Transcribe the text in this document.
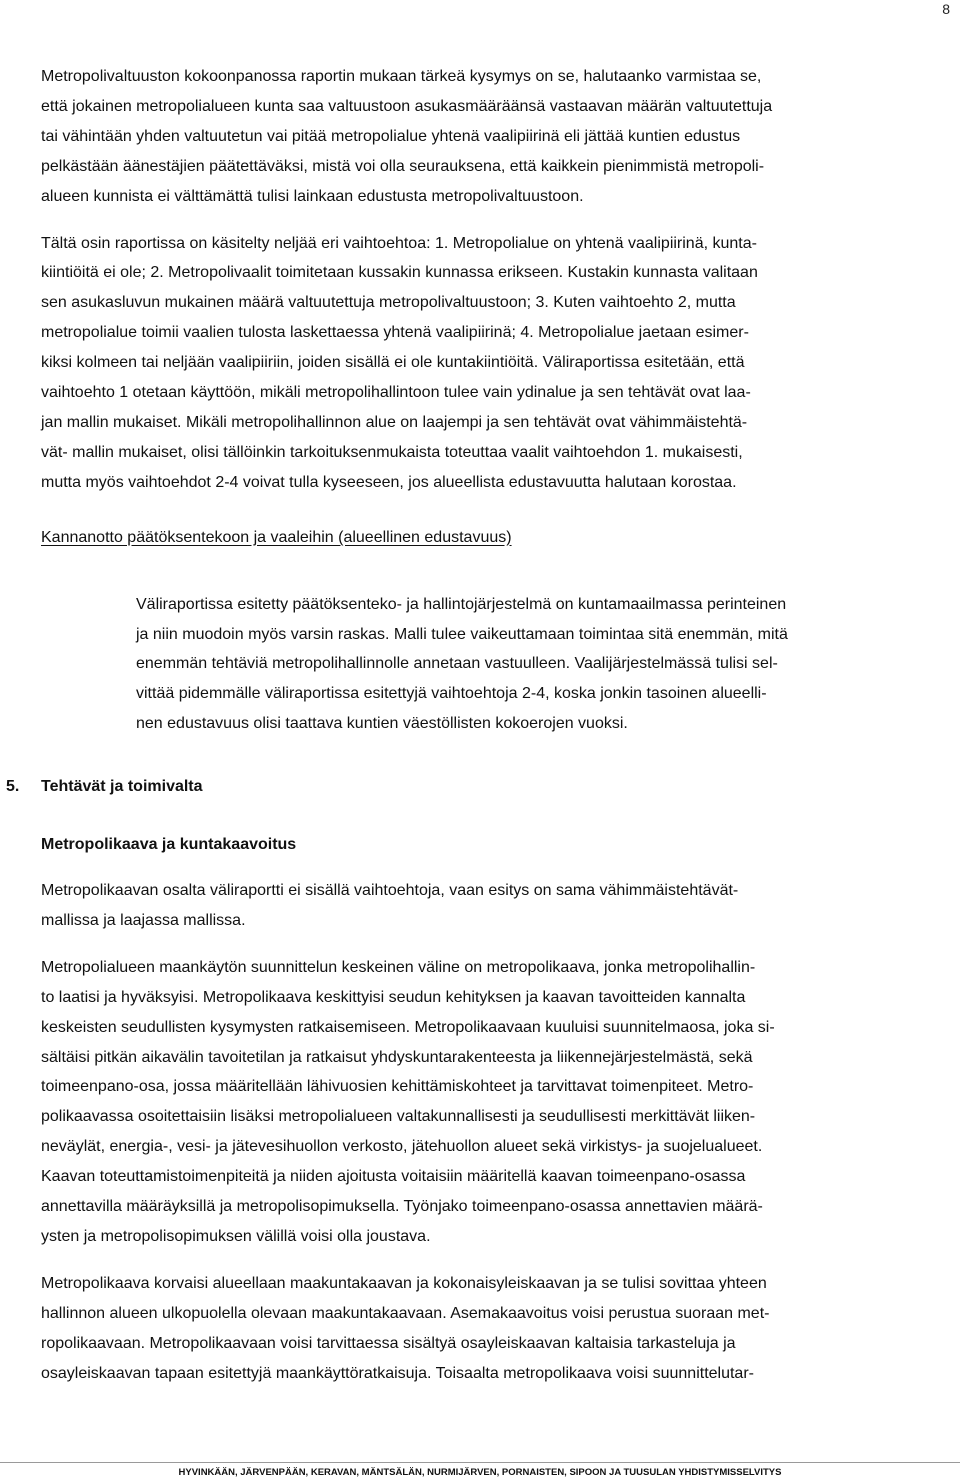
8
Metropolivaltuuston kokoonpanossa raportin mukaan tärkeä kysymys on se, halutaanko varmistaa se,
että jokainen metropolialueen kunta saa valtuustoon asukasmääräänsä vastaavan määrän valtuutettuja
tai vähintään yhden valtuutetun vai pitää metropolialue yhtenä vaalipiirinä eli jättää kuntien edustus
pelkästään äänestäjien päätettäväksi, mistä voi olla seurauksena, että kaikkein pienimmistä metropoli-
alueen kunnista ei välttämättä tulisi lainkaan edustusta metropolivaltuustoon.
Tältä osin raportissa on käsitelty neljää eri vaihtoehtoa: 1. Metropolialue on yhtenä vaalipiirinä, kunta-
kiintiöitä ei ole; 2. Metropolivaalit toimitetaan kussakin kunnassa erikseen. Kustakin kunnasta valitaan
sen asukasluvun mukainen määrä valtuutettuja metropolivaltuustoon; 3. Kuten vaihtoehto 2, mutta
metropolialue toimii vaalien tulosta laskettaessa yhtenä vaalipiirinä; 4. Metropolialue jaetaan esimer-
kiksi kolmeen tai neljään vaalipiiriin, joiden sisällä ei ole kuntakiintiöitä. Väliraportissa esitetään, että
vaihtoehto 1 otetaan käyttöön, mikäli metropolihallintoon tulee vain ydinalue ja sen tehtävät ovat laa-
jan mallin mukaiset. Mikäli metropolihallinnon alue on laajempi ja sen tehtävät ovat vähimmäistehtä-
vät- mallin mukaiset, olisi tällöinkin tarkoituksenmukaista toteuttaa vaalit vaihtoehdon 1. mukaisesti,
mutta myös vaihtoehdot 2-4 voivat tulla kyseeseen, jos alueellista edustavuutta halutaan korostaa.
Kannanotto päätöksentekoon ja vaaleihin (alueellinen edustavuus)
Väliraportissa esitetty päätöksenteko- ja hallintojärjestelmä on kuntamaailmassa perinteinen
ja niin muodoin myös varsin raskas. Malli tulee vaikeuttamaan toimintaa sitä enemmän, mitä
enemmän tehtäviä metropolihallinnolle annetaan vastuulleen. Vaalijärjestelmässä tulisi sel-
vittää pidemmälle väliraportissa esitettyjä vaihtoehtoja 2-4, koska jonkin tasoinen alueelli-
nen edustavuus olisi taattava kuntien väestöllisten kokoerojen vuoksi.
Metropolikaava ja kuntakaavoitus
Metropolikaavan osalta väliraportti ei sisällä vaihtoehtoja, vaan esitys on sama vähimmäistehtävät-
mallissa ja laajassa mallissa.
Metropolialueen maankäytön suunnittelun keskeinen väline on metropolikaava, jonka metropolihallin-
to laatisi ja hyväksyisi. Metropolikaava keskittyisi seudun kehityksen ja kaavan tavoitteiden kannalta
keskeisten seudullisten kysymysten ratkaisemiseen. Metropolikaavaan kuuluisi suunnitelmaosa, joka si-
sältäisi pitkän aikavälin tavoitetilan ja ratkaisut yhdyskuntarakenteesta ja liikennejärjestelmästä, sekä
toimeenpano-osa, jossa määritellään lähivuosien kehittämiskohteet ja tarvittavat toimenpiteet. Metro-
polikaavassa osoitettaisiin lisäksi metropolialueen valtakunnallisesti ja seudullisesti merkittävät liiken-
neväylät, energia-, vesi- ja jätevesihuollon verkosto, jätehuollon alueet sekä virkistys- ja suojelualueet.
Kaavan toteuttamistoimenpiteitä ja niiden ajoitusta voitaisiin määritellä kaavan toimeenpano-osassa
annettavilla määräyksillä ja metropolisopimuksella. Työnjako toimeenpano-osassa annettavien määrä-
ysten ja metropolisopimuksen välillä voisi olla joustava.
Metropolikaava korvaisi alueellaan maakuntakaavan ja kokonaisyleiskaavan ja se tulisi sovittaa yhteen
hallinnon alueen ulkopuolella olevaan maakuntakaavaan. Asemakaavoitus voisi perustua suoraan met-
ropolikaavaan. Metropolikaavaan voisi tarvittaessa sisältyä osayleiskaavan kaltaisia tarkasteluja ja
osayleiskaavan tapaan esitettyjä maankäyttöratkaisuja. Toisaalta metropolikaava voisi suunnittelutar-
5. Tehtävät ja toimivalta
HYVINKÄÄN, JÄRVENPÄÄN, KERAVAN, MÄNTSÄLÄN, NURMIJÄRVEN, PORNAISTEN, SIPOON JA TUUSULAN YHDISTYMISSELVITYS
